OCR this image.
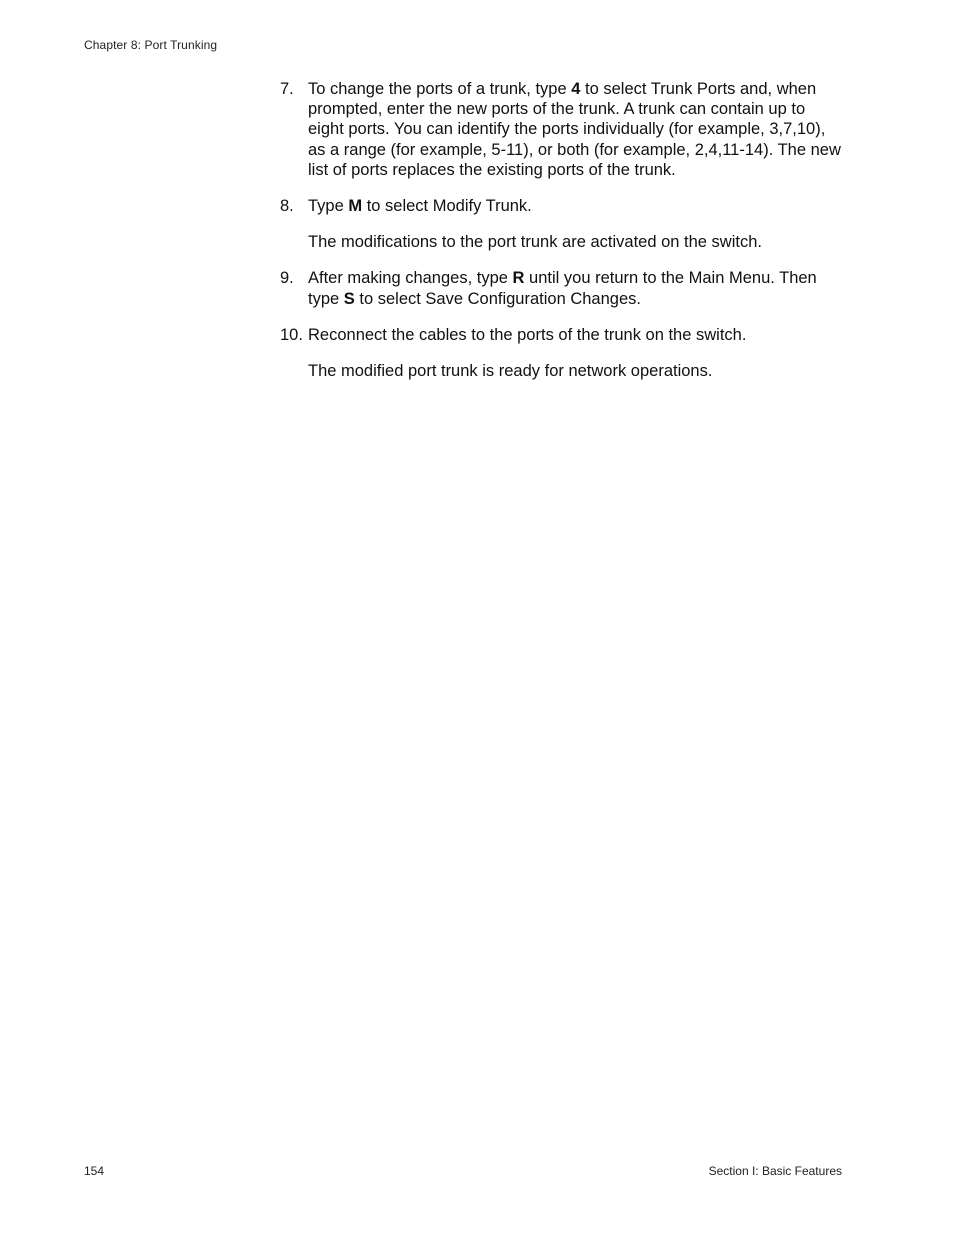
Chapter 8: Port Trunking
7. To change the ports of a trunk, type 4 to select Trunk Ports and, when prompted, enter the new ports of the trunk. A trunk can contain up to eight ports. You can identify the ports individually (for example, 3,7,10), as a range (for example, 5-11), or both (for example, 2,4,11-14). The new list of ports replaces the existing ports of the trunk.
8. Type M to select Modify Trunk.
The modifications to the port trunk are activated on the switch.
9. After making changes, type R until you return to the Main Menu. Then type S to select Save Configuration Changes.
10. Reconnect the cables to the ports of the trunk on the switch.
The modified port trunk is ready for network operations.
154	Section I: Basic Features
